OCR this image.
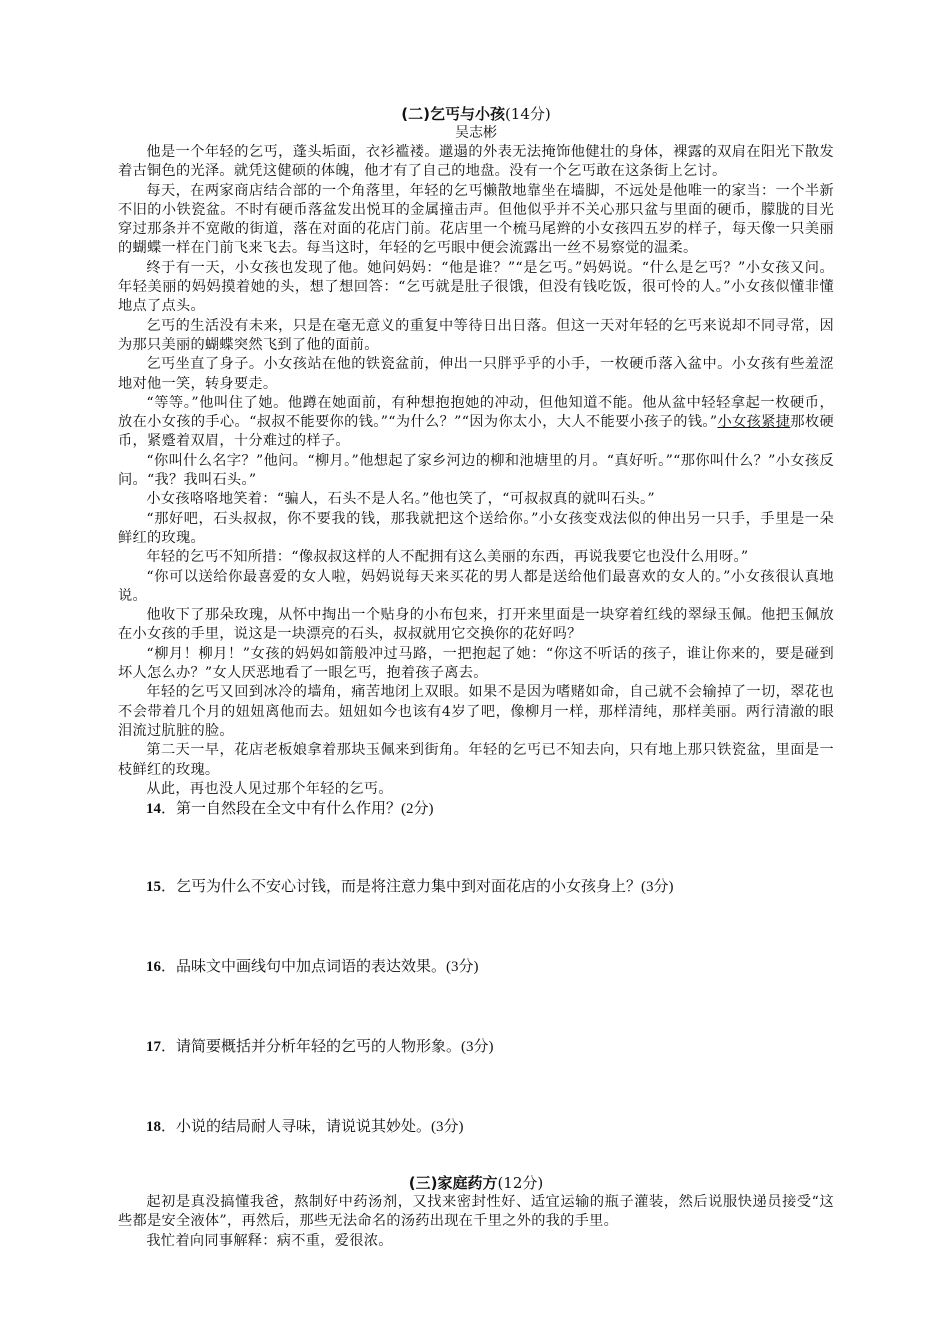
(二)乞丐与小孩(14分)

吴志彬

他是一个年轻的乞丐，蓬头垢面，衣衫褴褛。邋遢的外表无法掩饰他健壮的身体，裸露的双肩在阳光下散发着古铜色的光泽。就凭这健硕的体魄，他才有了自己的地盘。没有一个乞丐敢在这条街上乞讨。

每天，在两家商店结合部的一个角落里，年轻的乞丐懒散地靠坐在墙脚，不远处是他唯一的家当：一个半新不旧的小铁瓷盆。不时有硬币落盆发出悦耳的金属撞击声。但他似乎并不关心那只盆与里面的硬币，朦胧的目光穿过那条并不宽敞的街道，落在对面的花店门前。花店里一个梳马尾辫的小女孩四五岁的样子，每天像一只美丽的蝴蝶一样在门前飞来飞去。每当这时，年轻的乞丐眼中便会流露出一丝不易察觉的温柔。

终于有一天，小女孩也发现了他。她问妈妈：“他是谁？”“是乞丐。”妈妈说。“什么是乞丐？”小女孩又问。年轻美丽的妈妈摸着她的头，想了想回答：“乞丐就是肚子很饿，但没有钱吃饭，很可怜的人。”小女孩似懂非懂地点了点头。

乞丐的生活没有未来，只是在毫无意义的重复中等待日出日落。但这一天对年轻的乞丐来说却不同寻常，因为那只美丽的蝴蝶突然飞到了他的面前。

乞丐坐直了身子。小女孩站在他的铁瓷盆前，伸出一只胖乎乎的小手，一枚硬币落入盆中。小女孩有些羞涩地对他一笑，转身要走。

“等等。”他叫住了她。他蹲在她面前，有种想抱抱她的冲动，但他知道不能。他从盆中轻轻拿起一枚硬币，放在小女孩的手心。“叔叔不能要你的钱。”“为什么？”“因为你太小，大人不能要小孩子的钱。”小女孩紧捷那枚硬币，紧蹙着双眉，十分难过的样子。

“你叫什么名字？”他问。“柳月。”他想起了家乡河边的柳和池塘里的月。“真好听。”“那你叫什么？”小女孩反问。“我？我叫石头。”

小女孩咯咯地笑着：“骗人，石头不是人名。”他也笑了，“可叔叔真的就叫石头。”

“那好吧，石头叔叔，你不要我的钱，那我就把这个送给你。”小女孩变戏法似的伸出另一只手，手里是一朵鲜红的玫瑰。

年轻的乞丐不知所措：“像叔叔这样的人不配拥有这么美丽的东西，再说我要它也没什么用呀。”

“你可以送给你最喜爱的女人啦，妈妈说每天来买花的男人都是送给他们最喜欢的女人的。”小女孩很认真地说。

他收下了那朵玫瑰，从怀中掏出一个贴身的小布包来，打开来里面是一块穿着红线的翠绿玉佩。他把玉佩放在小女孩的手里，说这是一块漂亮的石头，叔叔就用它交换你的花好吗？

“柳月！柳月！”女孩的妈妈如箭般冲过马路，一把抱起了她：“你这不听话的孩子，谁让你来的，要是碰到坏人怎么办？”女人厌恶地看了一眼乞丐，抱着孩子离去。

年轻的乞丐又回到冰冷的墙角，痛苦地闭上双眼。如果不是因为嗜赌如命，自己就不会输掉了一切，翠花也不会带着几个月的妞妞离他而去。妞妞如今也该有4岁了吧，像柳月一样，那样清纯，那样美丽。两行清澈的眼泪流过肮脏的脸。

第二天一早，花店老板娘拿着那块玉佩来到街角。年轻的乞丐已不知去向，只有地上那只铁瓷盆，里面是一枝鲜红的玫瑰。

从此，再也没人见过那个年轻的乞丐。

14．第一自然段在全文中有什么作用？(2分)

15．乞丐为什么不安心讨钱，而是将注意力集中到对面花店的小女孩身上？(3分)

16．品味文中画线句中加点词语的表达效果。(3分)

17．请简要概括并分析年轻的乞丐的人物形象。(3分)

18．小说的结局耐人寻味，请说说其妙处。(3分)

(三)家庭药方(12分)

起初是真没搞懂我爸，熬制好中药汤剂，又找来密封性好、适宜运输的瓶子灌装，然后说服快递员接受“这些都是安全液体”，再然后，那些无法命名的汤药出现在千里之外的我的手里。

我忙着向同事解释：病不重，爱很浓。
